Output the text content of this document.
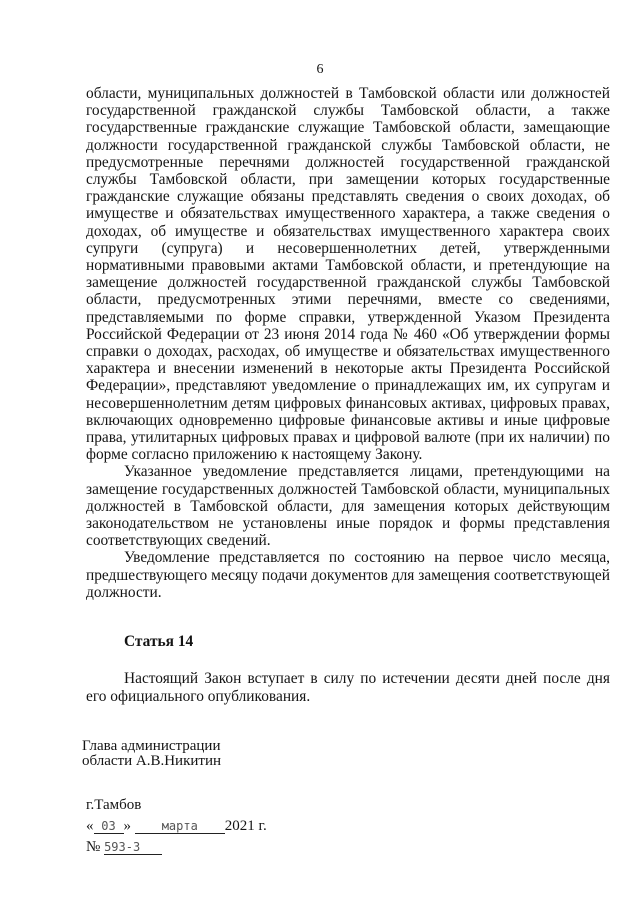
6

области, муниципальных должностей в Тамбовской области или должностей государственной гражданской службы Тамбовской области, а также государственные гражданские служащие Тамбовской области, замещающие должности государственной гражданской службы Тамбовской области, не предусмотренные перечнями должностей государственной гражданской службы Тамбовской области, при замещении которых государственные гражданские служащие обязаны представлять сведения о своих доходах, об имуществе и обязательствах имущественного характера, а также сведения о доходах, об имуществе и обязательствах имущественного характера своих супруги (супруга) и несовершеннолетних детей, утвержденными нормативными правовыми актами Тамбовской области, и претендующие на замещение должностей государственной гражданской службы Тамбовской области, предусмотренных этими перечнями, вместе со сведениями, представляемыми по форме справки, утвержденной Указом Президента Российской Федерации от 23 июня 2014 года № 460 «Об утверждении формы справки о доходах, расходах, об имуществе и обязательствах имущественного характера и внесении изменений в некоторые акты Президента Российской Федерации», представляют уведомление о принадлежащих им, их супругам и несовершеннолетним детям цифровых финансовых активах, цифровых правах, включающих одновременно цифровые финансовые активы и иные цифровые права, утилитарных цифровых правах и цифровой валюте (при их наличии) по форме согласно приложению к настоящему Закону.

Указанное уведомление представляется лицами, претендующими на замещение государственных должностей Тамбовской области, муниципальных должностей в Тамбовской области, для замещения которых действующим законодательством не установлены иные порядок и формы представления соответствующих сведений.

Уведомление представляется по состоянию на первое число месяца, предшествующего месяцу подачи документов для замещения соответствующей должности.

Статья 14

Настоящий Закон вступает в силу по истечении десяти дней после дня его официального опубликования.

Глава администрации
области А.В.Никитин
г.Тамбов
« 03 »	марта 2021 г.
№ 593-З
